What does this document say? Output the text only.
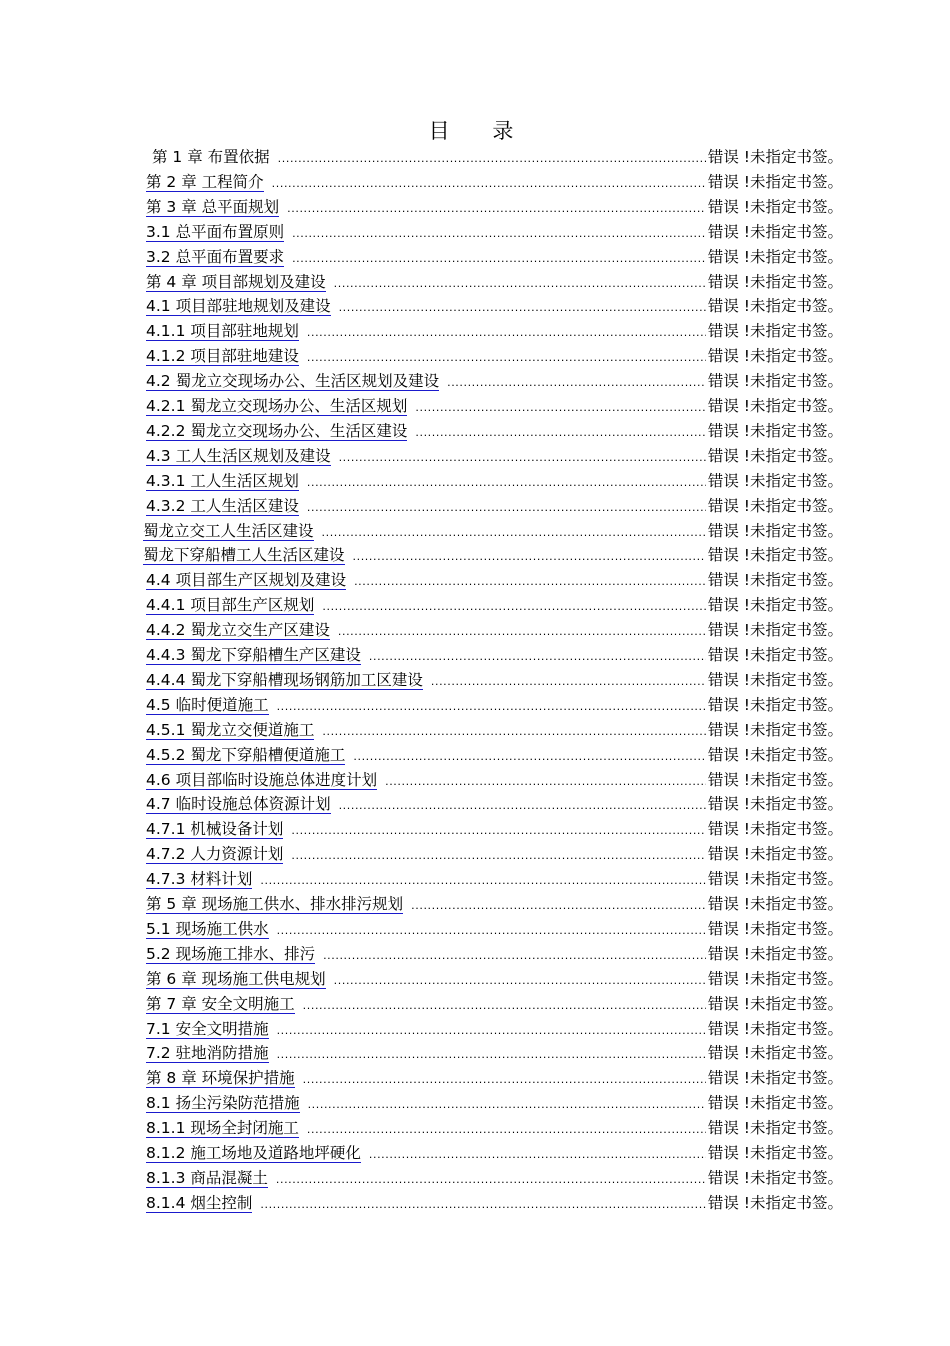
目 录
第 1 章 布置依据 .....	错误 !未指定书签。
第 2 章 工程简介 .....	错误 !未指定书签。
第 3 章 总平面规划 .....	错误 !未指定书签。
3.1 总平面布置原则 .....	错误 !未指定书签。
3.2 总平面布置要求 .....	错误 !未指定书签。
第 4 章 项目部规划及建设 .....	错误 !未指定书签。
4.1 项目部驻地规划及建设 .....	错误 !未指定书签。
4.1.1 项目部驻地规划 .....	错误 !未指定书签。
4.1.2 项目部驻地建设 .....	错误 !未指定书签。
4.2 蜀龙立交现场办公、生活区规划及建设 .....	错误 !未指定书签。
4.2.1 蜀龙立交现场办公、生活区规划 .....	错误 !未指定书签。
4.2.2 蜀龙立交现场办公、生活区建设 .....	错误 !未指定书签。
4.3 工人生活区规划及建设 .....	错误 !未指定书签。
4.3.1 工人生活区规划 .....	错误 !未指定书签。
4.3.2 工人生活区建设 .....	错误 !未指定书签。
蜀龙立交工人生活区建设 .....	错误 !未指定书签。
蜀龙下穿船槽工人生活区建设 .....	错误 !未指定书签。
4.4 项目部生产区规划及建设 .....	错误 !未指定书签。
4.4.1 项目部生产区规划 .....	错误 !未指定书签。
4.4.2 蜀龙立交生产区建设 .....	错误 !未指定书签。
4.4.3 蜀龙下穿船槽生产区建设 .....	错误 !未指定书签。
4.4.4 蜀龙下穿船槽现场钢筋加工区建设 .....	错误 !未指定书签。
4.5 临时便道施工 .....	错误 !未指定书签。
4.5.1 蜀龙立交便道施工 .....	错误 !未指定书签。
4.5.2 蜀龙下穿船槽便道施工 .....	错误 !未指定书签。
4.6 项目部临时设施总体进度计划 .....	错误 !未指定书签。
4.7 临时设施总体资源计划 .....	错误 !未指定书签。
4.7.1 机械设备计划 .....	错误 !未指定书签。
4.7.2 人力资源计划 .....	错误 !未指定书签。
4.7.3 材料计划 .....	错误 !未指定书签。
第 5 章 现场施工供水、排水排污规划 .....	错误 !未指定书签。
5.1 现场施工供水 .....	错误 !未指定书签。
5.2 现场施工排水、排污 .....	错误 !未指定书签。
第 6 章 现场施工供电规划 .....	错误 !未指定书签。
第 7 章 安全文明施工 .....	错误 !未指定书签。
7.1 安全文明措施 .....	错误 !未指定书签。
7.2 驻地消防措施 .....	错误 !未指定书签。
第 8 章 环境保护措施 .....	错误 !未指定书签。
8.1 扬尘污染防范措施 .....	错误 !未指定书签。
8.1.1 现场全封闭施工 .....	错误 !未指定书签。
8.1.2 施工场地及道路地坪硬化 .....	错误 !未指定书签。
8.1.3 商品混凝土 .....	错误 !未指定书签。
8.1.4 烟尘控制 .....	错误 !未指定书签。
